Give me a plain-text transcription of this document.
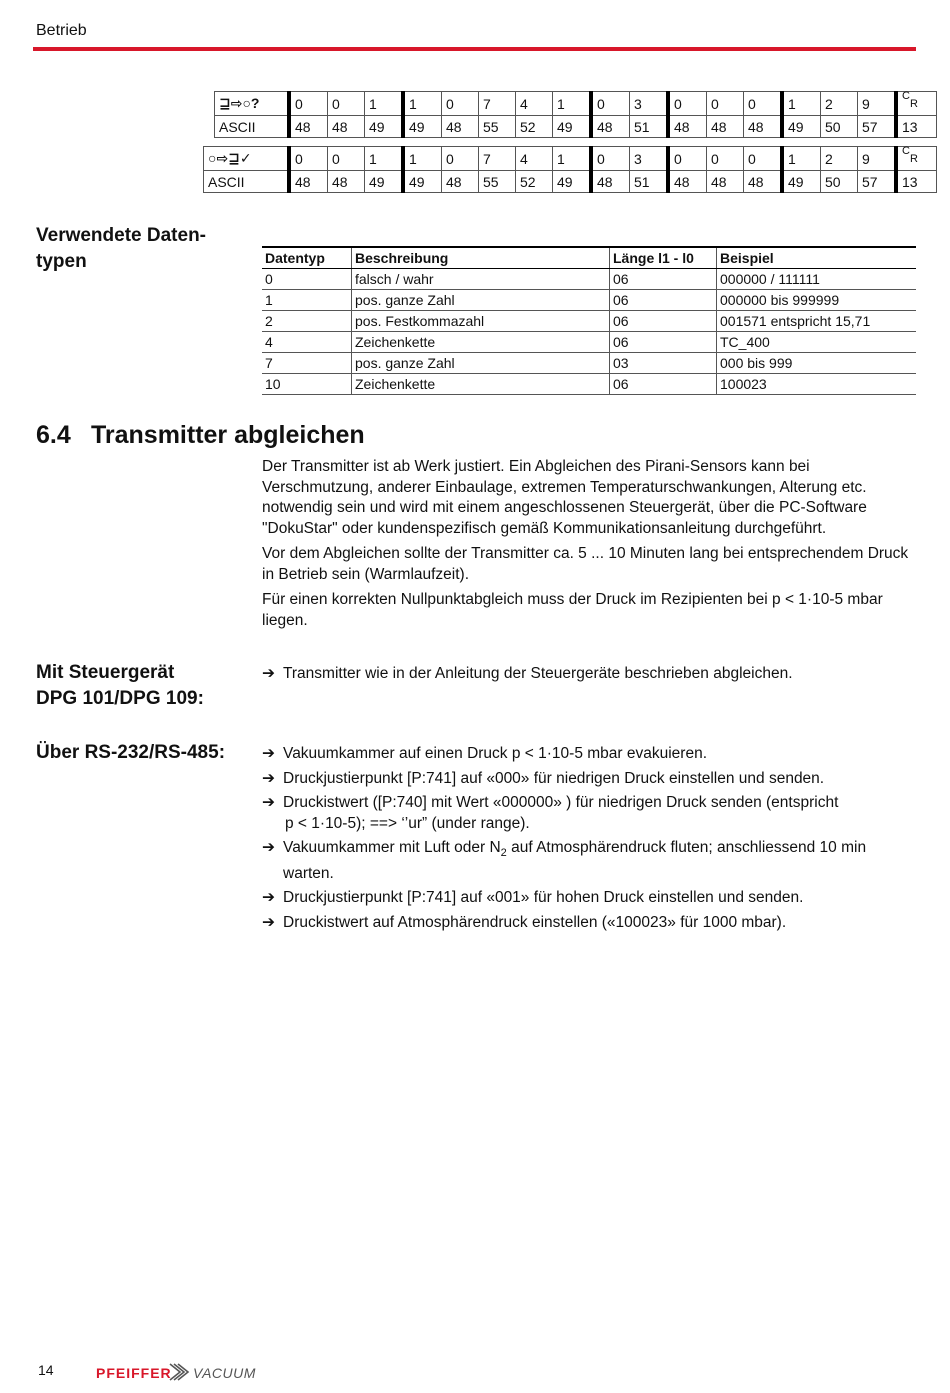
Betrieb
⊒⇨○?	0	0	1	1	0	7	4	1	0	3	0	0	0	1	2	9	C
R

ASCII	48	48	49	49	48	55	52	49	48	51	48	48	48	49	50	57	13
○⇨⊒✓	0	0	1	1	0	7	4	1	0	3	0	0	0	1	2	9	C
R

ASCII	48	48	49	49	48	55	52	49	48	51	48	48	48	49	50	57	13
Verwendete Daten-
typen	Datentyp	Beschreibung	Länge l1 - l0	Beispiel
0	falsch / wahr	06	000000 / 111111
1	pos. ganze Zahl	06	000000 bis 999999
2	pos. Festkommazahl	06	001571 entspricht 15,71
4	Zeichenkette	06	TC_400
7	pos. ganze Zahl	03	000 bis 999
10	Zeichenkette	06	100023
6.4 Transmitter abgleichen

Der Transmitter ist ab Werk justiert. Ein Abgleichen des Pirani-Sensors kann bei Verschmutzung, anderer Einbaulage, extremen Temperaturschwankungen, Alterung etc. notwendig sein und wird mit einem angeschlossenen Steuergerät, über die PC-Software "DokuStar" oder kundenspezifisch gemäß Kommunikationsanleitung durchgeführt.

Vor dem Abgleichen sollte der Transmitter ca. 5 ... 10 Minuten lang bei entsprechendem Druck in Betrieb sein (Warmlaufzeit).

Für einen korrekten Nullpunktabgleich muss der Druck im Rezipienten bei p < 1·10-5 mbar liegen.

Mit Steuergerät
DPG 101/DPG 109:
➔ Transmitter wie in der Anleitung der Steuergeräte beschrieben abgleichen.
Über RS-232/RS-485: ➔ Vakuumkammer auf einen Druck p < 1·10-5 mbar evakuieren.
➔ Druckjustierpunkt [P:741] auf «000» für niedrigen Druck einstellen und senden.
➔ Druckistwert ([P:740] mit Wert «000000» ) für niedrigen Druck senden (entspricht
p < 1·10-5); ==> ‘’ur” (under range).
➔ Vakuumkammer mit Luft oder $N_2$ auf Atmosphärendruck fluten; anschliessend 10 min warten.
➔ Druckjustierpunkt [P:741] auf «001» für hohen Druck einstellen und senden.
➔ Druckistwert auf Atmosphärendruck einstellen («100023» für 1000 mbar).
14	PFEIFFER VACUUM
